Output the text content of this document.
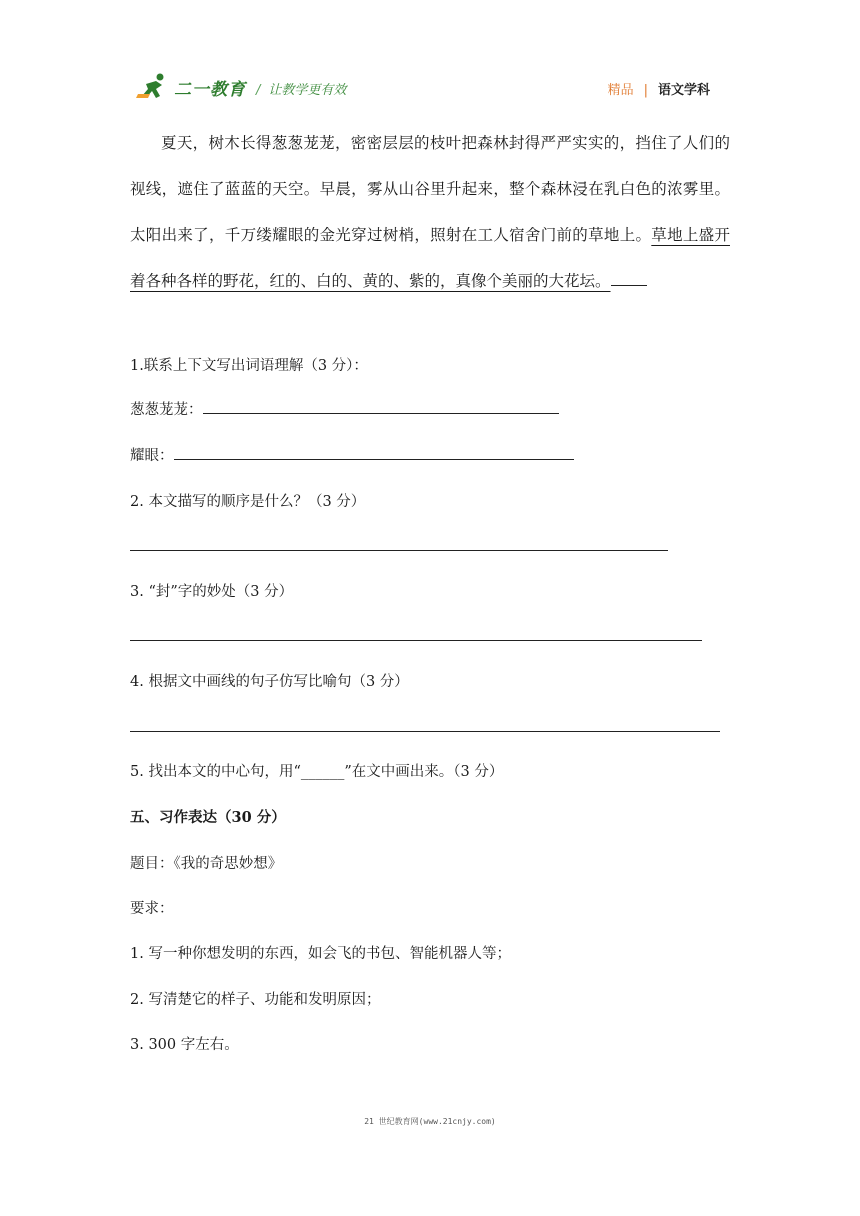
二一教育 / 让教学更有效	精品 | 语文学科

夏天，树木长得葱葱茏茏，密密层层的枝叶把森林封得严严实实的，挡住了人们的视线，遮住了蓝蓝的天空。早晨，雾从山谷里升起来，整个森林浸在乳白色的浓雾里。太阳出来了，千万缕耀眼的金光穿过树梢，照射在工人宿舍门前的草地上。草地上盛开着各种各样的野花，红的、白的、黄的、紫的，真像个美丽的大花坛。

1.联系上下文写出词语理解（3 分）：

葱葱茏茏：

耀眼：

2. 本文描写的顺序是什么？（3 分）

3. “封”字的妙处（3 分）

4. 根据文中画线的句子仿写比喻句（3 分）

5. 找出本文的中心句，用“______”在文中画出来。（3 分）

五、习作表达（30 分）

题目：《我的奇思妙想》

要求：

1. 写一种你想发明的东西，如会飞的书包、智能机器人等；

2. 写清楚它的样子、功能和发明原因；

3. 300 字左右。

21 世纪教育网(www.21cnjy.com)
